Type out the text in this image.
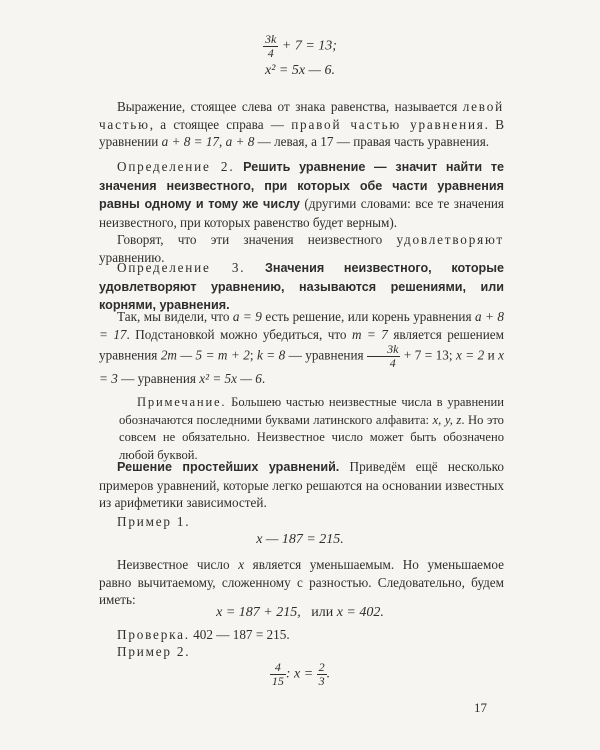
$\frac{3k}{4} + 7 = 13$;
x² = 5x — 6.

Выражение, стоящее слева от знака равенства, называется левой частью, а стоящее справа — правой частью уравнения. В уравнении a + 8 = 17, a + 8 — левая, а 17 — правая часть уравнения.

Определение 2. Решить уравнение — значит найти те значения неизвестного, при которых обе части уравнения равны одному и тому же числу (другими словами: все те значения неизвестного, при которых равенство будет верным).

Говорят, что эти значения неизвестного удовлетворяют уравнению.

Определение 3. Значения неизвестного, которые удовлетворяют уравнению, называются решениями, или корнями, уравнения.

Так, мы видели, что a = 9 есть решение, или корень уравнения a + 8 = 17. Подстановкой можно убедиться, что m = 7 является решением уравнения 2m — 5 = m + 2; k = 8 — уравнения $\frac{3k}{4} + 7 = 13$; x = 2 и x = 3 — уравнения x² = 5x — 6.

Примечание. Большею частью неизвестные числа в уравнении обозначаются последними буквами латинского алфавита: x, y, z. Но это совсем не обязательно. Неизвестное число может быть обозначено любой буквой.

Решение простейших уравнений. Приведём ещё несколько примеров уравнений, которые легко решаются на основании известных из арифметики зависимостей.

Пример 1.

x — 187 = 215.

Неизвестное число x является уменьшаемым. Но уменьшаемое равно вычитаемому, сложенному с разностью. Следовательно, будем иметь:

x = 187 + 215, или x = 402.

Проверка. 402 — 187 = 215.

Пример 2.

$\frac{4}{15}$ : $x = \frac{2}{3}$ .
17
